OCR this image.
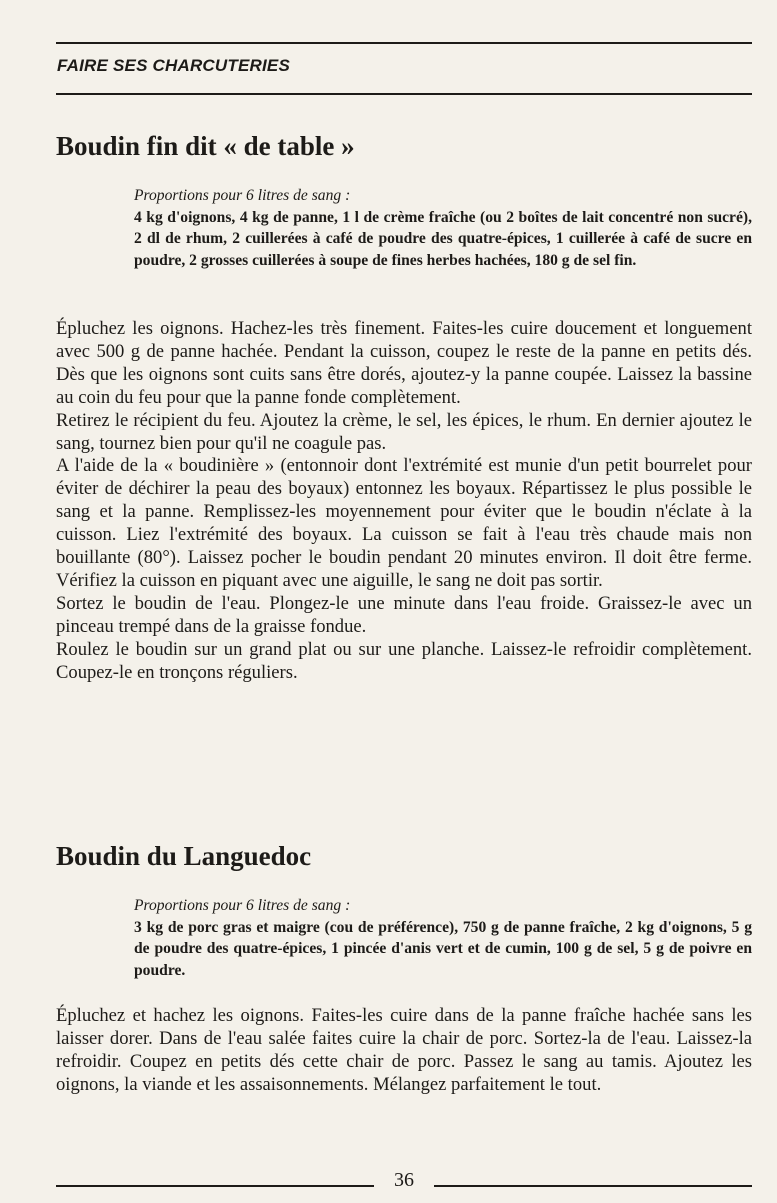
FAIRE SES CHARCUTERIES
Boudin fin dit « de table »
Proportions pour 6 litres de sang :
4 kg d'oignons, 4 kg de panne, 1 l de crème fraîche (ou 2 boîtes de lait concentré non sucré), 2 dl de rhum, 2 cuillerées à café de poudre des quatre-épices, 1 cuillerée à café de sucre en poudre, 2 grosses cuillerées à soupe de fines herbes hachées, 180 g de sel fin.

Épluchez les oignons. Hachez-les très finement. Faites-les cuire doucement et longuement avec 500 g de panne hachée. Pendant la cuisson, coupez le reste de la panne en petits dés. Dès que les oignons sont cuits sans être dorés, ajoutez-y la panne coupée. Laissez la bassine au coin du feu pour que la panne fonde complètement.

Retirez le récipient du feu. Ajoutez la crème, le sel, les épices, le rhum. En dernier ajoutez le sang, tournez bien pour qu'il ne coagule pas.

A l'aide de la « boudinière » (entonnoir dont l'extrémité est munie d'un petit bourrelet pour éviter de déchirer la peau des boyaux) entonnez les boyaux. Répartissez le plus possible le sang et la panne. Remplissez-les moyennement pour éviter que le boudin n'éclate à la cuisson. Liez l'extrémité des boyaux. La cuisson se fait à l'eau très chaude mais non bouillante (80°). Laissez pocher le boudin pendant 20 minutes environ. Il doit être ferme. Vérifiez la cuisson en piquant avec une aiguille, le sang ne doit pas sortir.

Sortez le boudin de l'eau. Plongez-le une minute dans l'eau froide. Graissez-le avec un pinceau trempé dans de la graisse fondue.

Roulez le boudin sur un grand plat ou sur une planche. Laissez-le refroidir complètement. Coupez-le en tronçons réguliers.

Boudin du Languedoc
Proportions pour 6 litres de sang :
3 kg de porc gras et maigre (cou de préférence), 750 g de panne fraîche, 2 kg d'oignons, 5 g de poudre des quatre-épices, 1 pincée d'anis vert et de cumin, 100 g de sel, 5 g de poivre en poudre.

Épluchez et hachez les oignons. Faites-les cuire dans de la panne fraîche hachée sans les laisser dorer. Dans de l'eau salée faites cuire la chair de porc. Sortez-la de l'eau. Laissez-la refroidir. Coupez en petits dés cette chair de porc. Passez le sang au tamis. Ajoutez les oignons, la viande et les assaisonnements. Mélangez parfaitement le tout.

36
